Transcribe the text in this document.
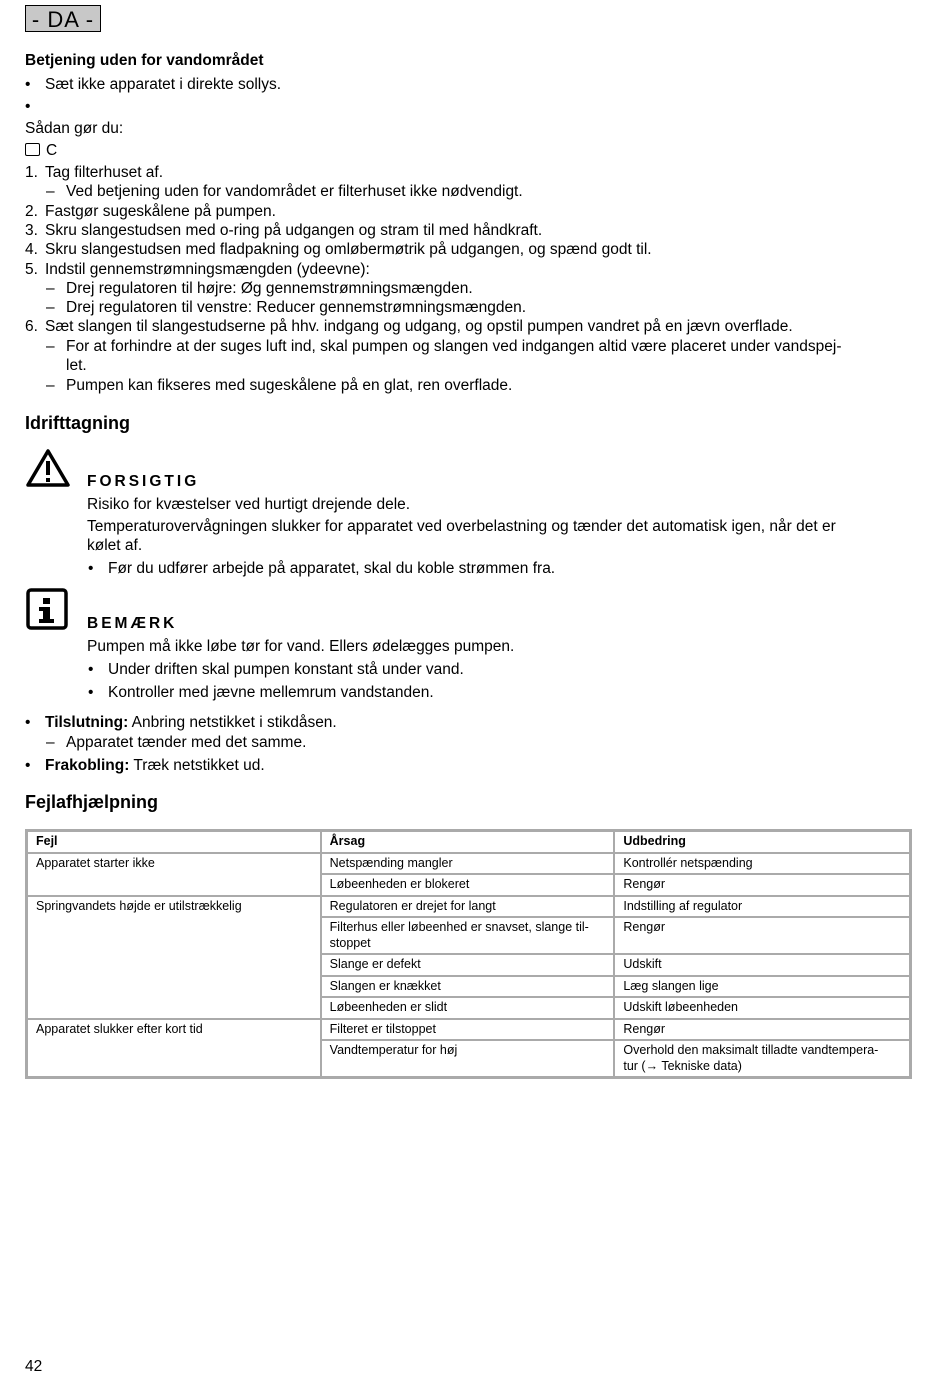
- DA -
Betjening uden for vandområdet
• Sæt ikke apparatet i direkte sollys.
Sådan gør du:
C
1. Tag filterhuset af.
– Ved betjening uden for vandområdet er filterhuset ikke nødvendigt.
2. Fastgør sugeskålene på pumpen.
3. Skru slangestudsen med o-ring på udgangen og stram til med håndkraft.
4. Skru slangestudsen med fladpakning og omløbermøtrik på udgangen, og spænd godt til.
5. Indstil gennemstrømningsmængden (ydeevne):
– Drej regulatoren til højre: Øg gennemstrømningsmængden.
– Drej regulatoren til venstre: Reducer gennemstrømningsmængden.
6. Sæt slangen til slangestudserne på hhv. indgang og udgang, og opstil pumpen vandret på en jævn overflade.
– For at forhindre at der suges luft ind, skal pumpen og slangen ved indgangen altid være placeret under vandspej-
let.
– Pumpen kan fikseres med sugeskålene på en glat, ren overflade.
Idrifttagning
FORSIGTIG
Risiko for kvæstelser ved hurtigt drejende dele.
Temperaturovervågningen slukker for apparatet ved overbelastning og tænder det automatisk igen, når det er
kølet af.
• Før du udfører arbejde på apparatet, skal du koble strømmen fra.
BEMÆRK
Pumpen må ikke løbe tør for vand. Ellers ødelægges pumpen.
• Under driften skal pumpen konstant stå under vand.
• Kontroller med jævne mellemrum vandstanden.
• Tilslutning: Anbring netstikket i stikdåsen.
– Apparatet tænder med det samme.
• Frakobling: Træk netstikket ud.
Fejlafhjælpning
Fejl	Årsag	Udbedring
Apparatet starter ikke	Netspænding mangler	Kontrollér netspænding
	Løbeenheden er blokeret	Rengør
Springvandets højde er utilstrækkelig	Regulatoren er drejet for langt	Indstilling af regulator
	Filterhus eller løbeenhed er snavset, slange til-
stoppet	Rengør
	Slange er defekt	Udskift
	Slangen er knækket	Læg slangen lige
	Løbeenheden er slidt	Udskift løbeenheden
Apparatet slukker efter kort tid	Filteret er tilstoppet	Rengør
	Vandtemperatur for høj	Overhold den maksimalt tilladte vandtempera-
tur (→ Tekniske data)
42
